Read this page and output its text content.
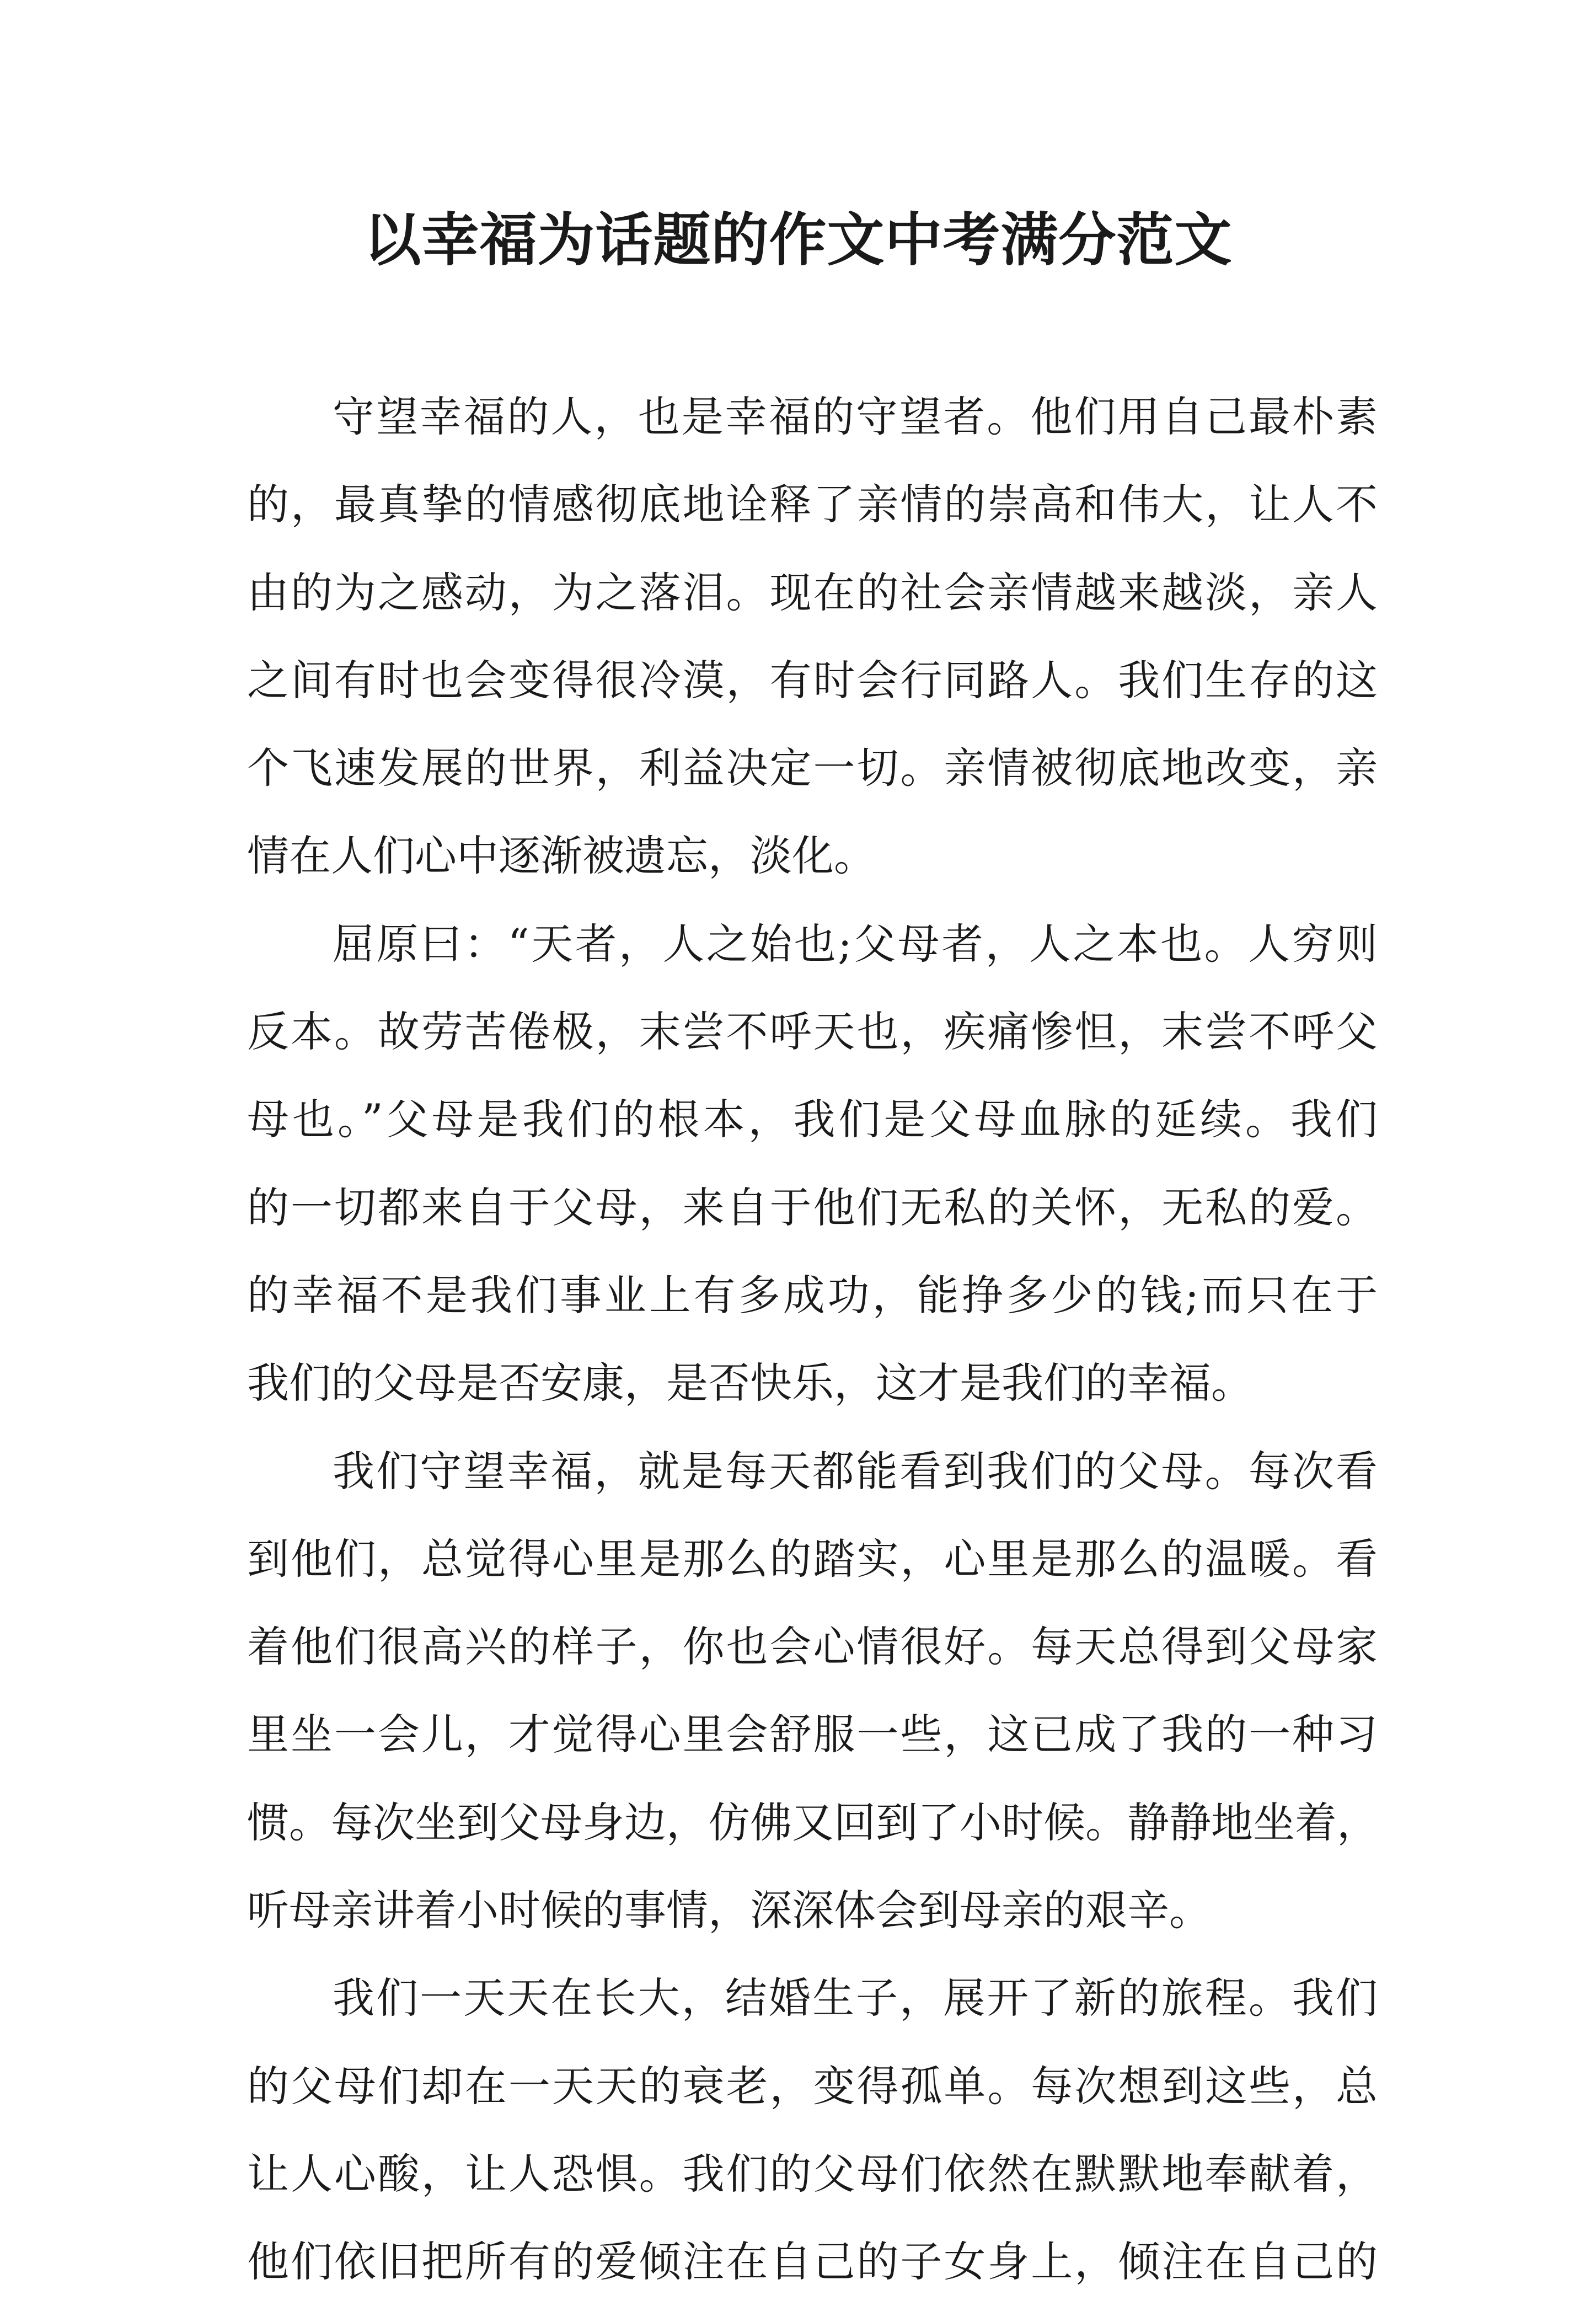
以幸福为话题的作文中考满分范文
守望幸福的人，也是幸福的守望者。他们用自己最朴素
的，最真挚的情感彻底地诠释了亲情的崇高和伟大，让人不
由的为之感动，为之落泪。现在的社会亲情越来越淡，亲人
之间有时也会变得很冷漠，有时会行同路人。我们生存的这
个飞速发展的世界，利益决定一切。亲情被彻底地改变，亲
情在人们心中逐渐被遗忘，淡化。
屈原曰：“天者，人之始也;父母者，人之本也。人穷则
反本。故劳苦倦极，末尝不呼天也，疾痛惨怛，末尝不呼父
母也。”父母是我们的根本，我们是父母血脉的延续。我们
的一切都来自于父母，来自于他们无私的关怀，无私的爱。
的幸福不是我们事业上有多成功，能挣多少的钱;而只在于
我们的父母是否安康，是否快乐，这才是我们的幸福。
我们守望幸福，就是每天都能看到我们的父母。每次看
到他们，总觉得心里是那么的踏实，心里是那么的温暖。看
着他们很高兴的样子，你也会心情很好。每天总得到父母家
里坐一会儿，才觉得心里会舒服一些，这已成了我的一种习
惯。每次坐到父母身边，仿佛又回到了小时候。静静地坐着，
听母亲讲着小时候的事情，深深体会到母亲的艰辛。
我们一天天在长大，结婚生子，展开了新的旅程。我们
的父母们却在一天天的衰老，变得孤单。每次想到这些，总
让人心酸，让人恐惧。我们的父母们依然在默默地奉献着，
他们依旧把所有的爱倾注在自己的子女身上，倾注在自己的
